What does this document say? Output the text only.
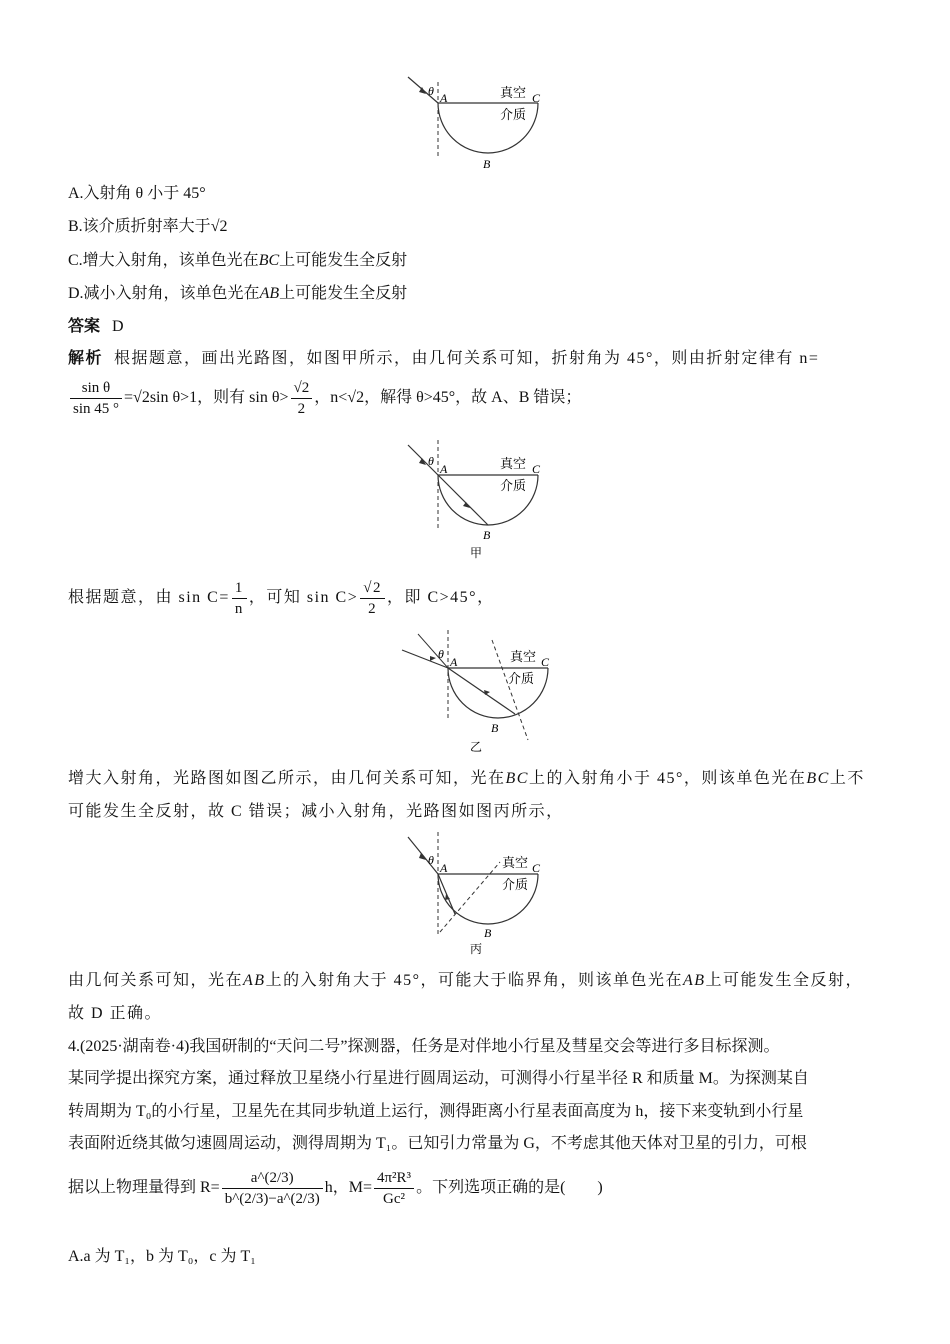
θ A	真空 C
介质
B
A.入射角 θ 小于 45°
B.该介质折射率大于√2
C.增大入射角，该单色光在BC上可能发生全反射
D.减小入射角，该单色光在AB上可能发生全反射
答案 D
解析 根据题意，画出光路图，如图甲所示，由几何关系可知，折射角为 45°，则由折射定律有 n=
$\frac{\text{sin θ}}{\sin 45 ^\circ} =√2\sin$ θ>1，则有 $\sin \theta> \frac{√2}{2}$ ，n<√2，解得 θ>45°，故 A、B 错误；
θ
A	真空 C
介质
B
甲
根据题意，由 $\sin C= \frac{1}{n}$ ，可知 $\sin C> \frac{√2}{2}$ ，即 C>45°，
θ
A	真空 C
介质
B
乙
增大入射角，光路图如图乙所示，由几何关系可知，光在BC上的入射角小于 45°，则该单色光在BC上不
可能发生全反射，故 C 错误；减小入射角，光路图如图丙所示，
θ
A	真空 C
介质
B
丙
由几何关系可知，光在AB上的入射角大于 45°，可能大于临界角，则该单色光在AB上可能发生全反射，
故 D 正确。
4.(2025·湖南卷·4)我国研制的“天问二号”探测器，任务是对伴地小行星及彗星交会等进行多目标探测。
某同学提出探究方案，通过释放卫星绕小行星进行圆周运动，可测得小行星半径 R 和质量 M。为探测某自
转周期为 T₀的小行星，卫星先在其同步轨道上运行，测得距离小行星表面高度为 h，接下来变轨到小行星
表面附近绕其做匀速圆周运动，测得周期为 T₁。已知引力常量为 G，不考虑其他天体对卫星的引力，可根
据以上物理量得到 $R= \frac{a\^{}(2/3)}{b\^{}(2/3)-a\^{}(2/3)}$ h，$M= \frac{\text{4π²R³}}{\text{Gc²}}$ 。下列选项正确的是(　　)
A.a 为 T₁，b 为 T₀，c 为 T₁
